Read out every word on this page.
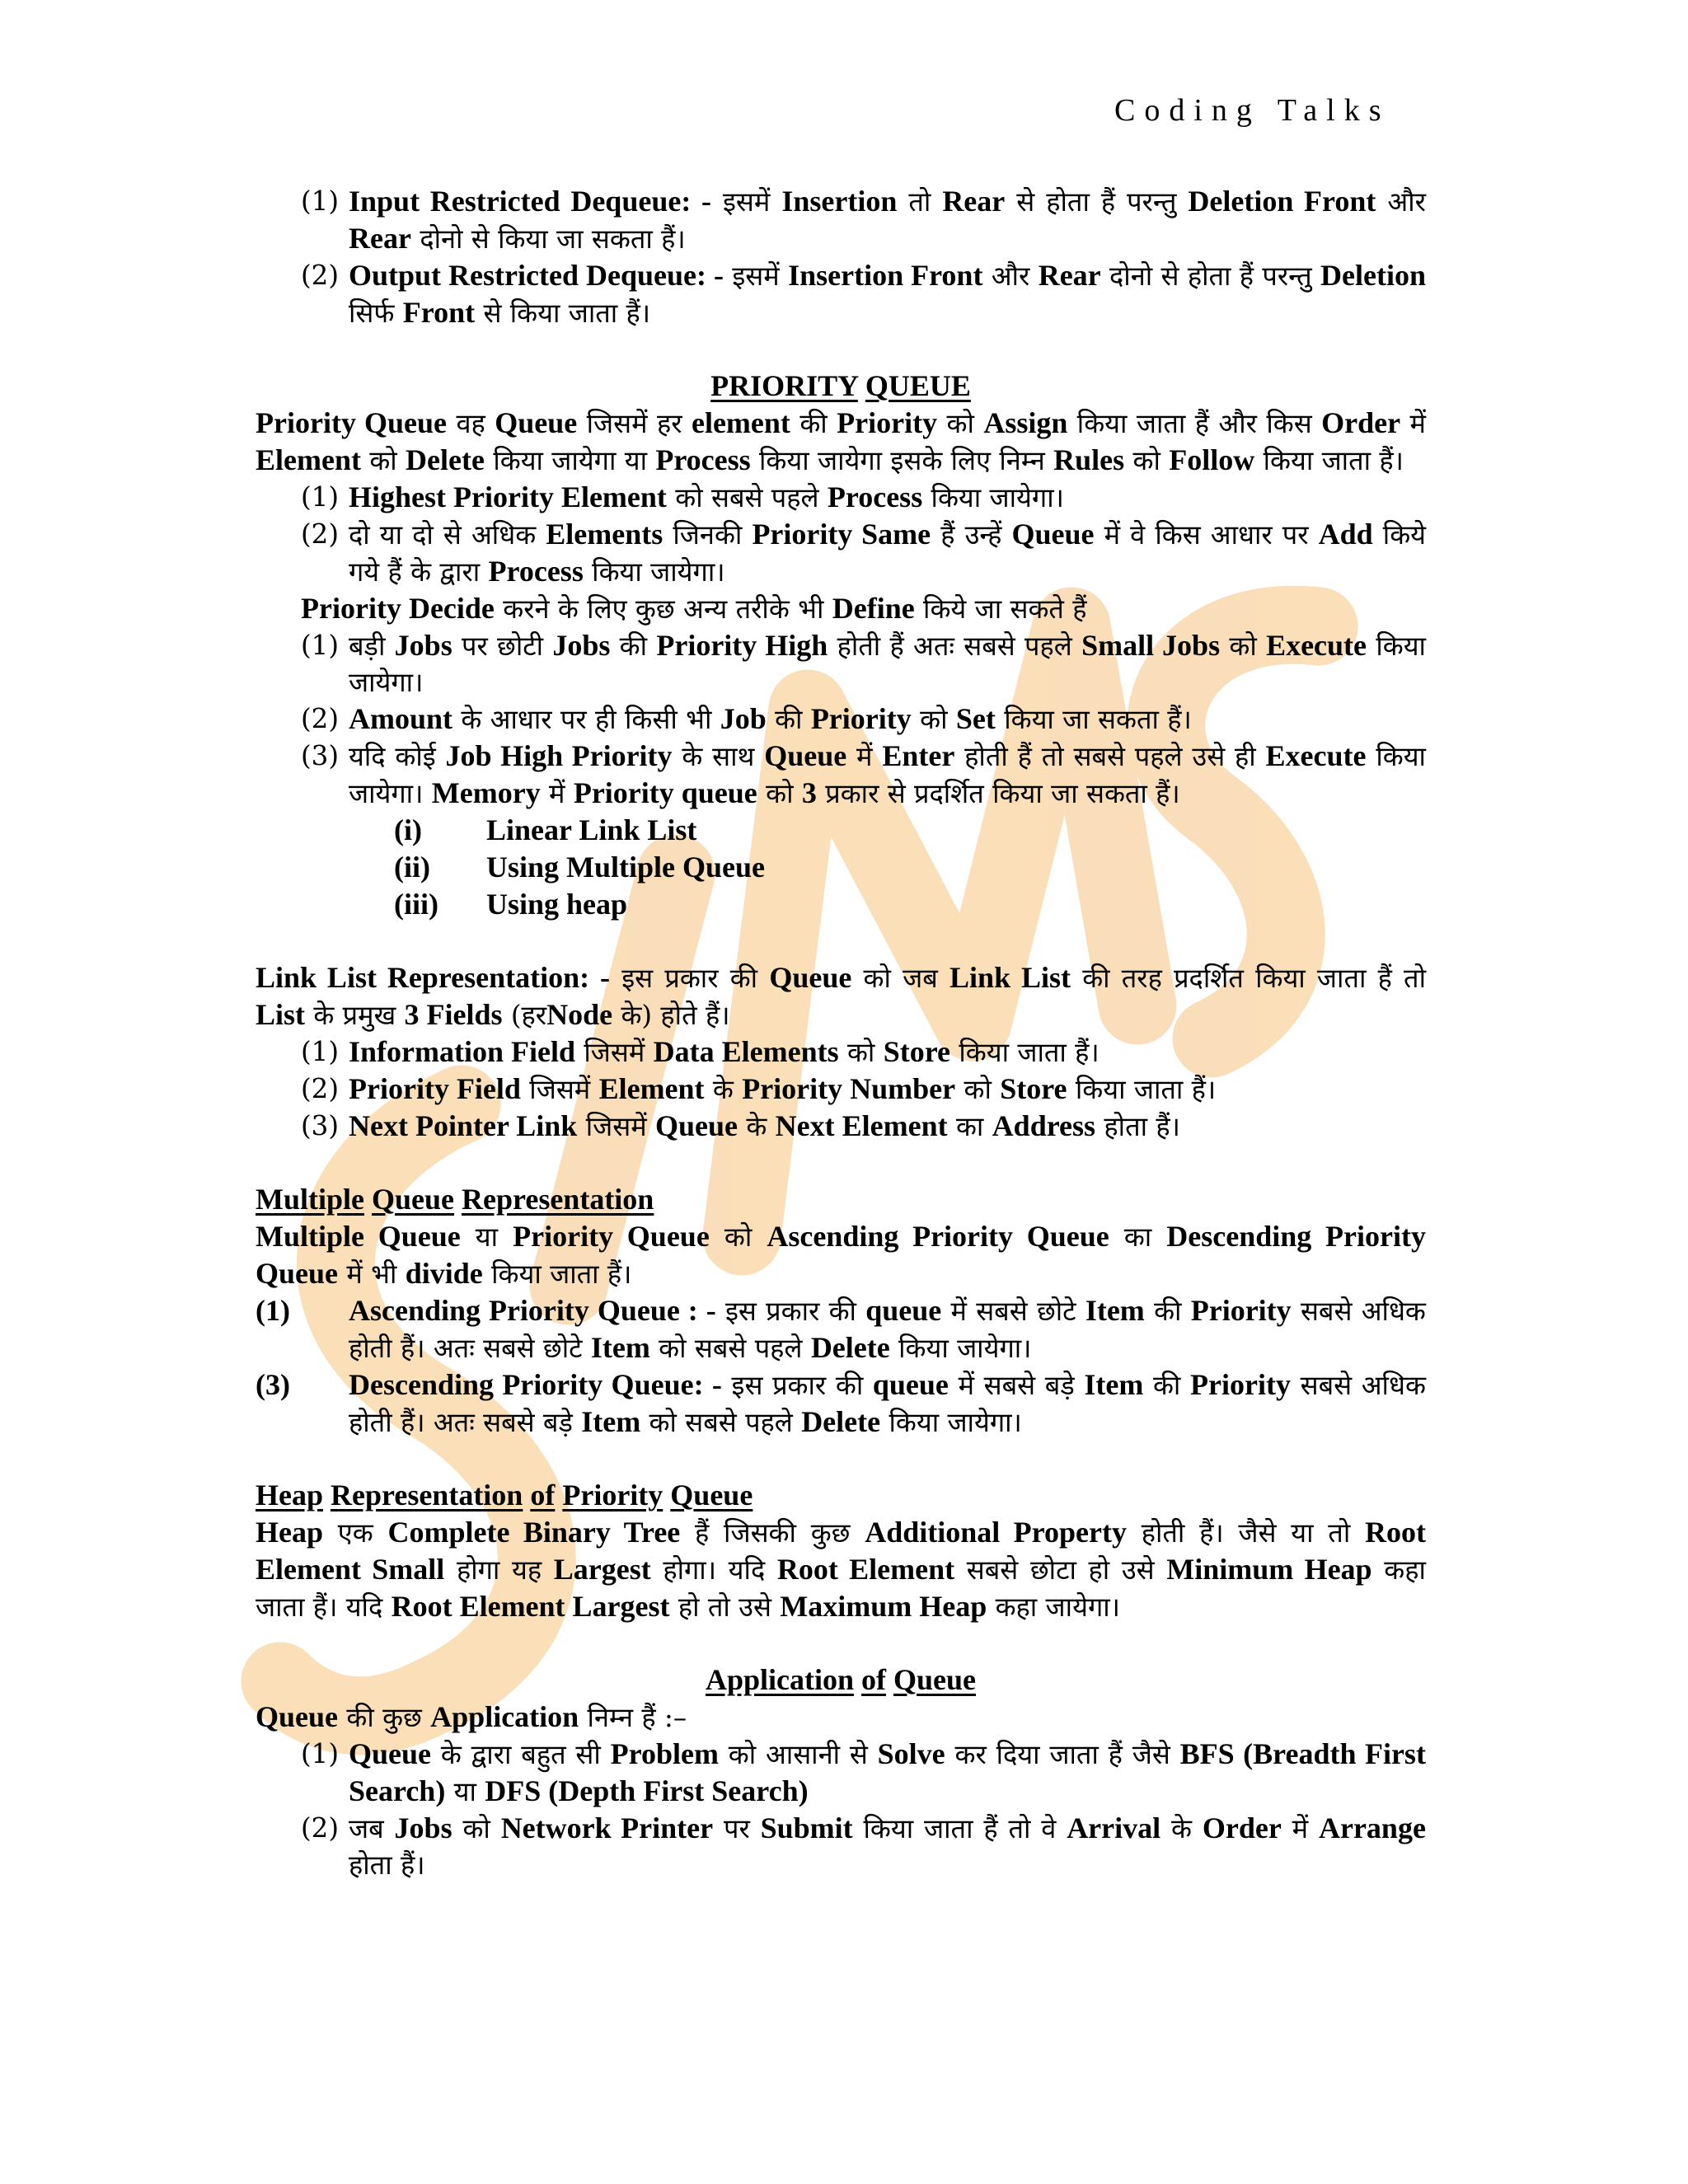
Coding Talks
(1) Input Restricted Dequeue: - इसमें Insertion तो Rear से होता हैं परन्तु Deletion Front और Rear दोनो से किया जा सकता हैं।
(2) Output Restricted Dequeue: - इसमें Insertion Front और Rear दोनो से होता हैं परन्तु Deletion सिर्फ Front से किया जाता हैं।
PRIORITY QUEUE
Priority Queue वह Queue जिसमें हर element की Priority को Assign किया जाता हैं और किस Order में Element को Delete किया जायेगा या Process किया जायेगा इसके लिए निम्न Rules को Follow किया जाता हैं।
(1) Highest Priority Element को सबसे पहले Process किया जायेगा।
(2) दो या दो से अधिक Elements जिनकी Priority Same हैं उन्हें Queue में वे किस आधार पर Add किये गये हैं के द्वारा Process किया जायेगा।
Priority Decide करने के लिए कुछ अन्य तरीके भी Define किये जा सकते हैं
(1) बड़ी Jobs पर छोटी Jobs की Priority High होती हैं अतः सबसे पहले Small Jobs को Execute किया जायेगा।
(2) Amount के आधार पर ही किसी भी Job की Priority को Set किया जा सकता हैं।
(3) यदि कोई Job High Priority के साथ Queue में Enter होती हैं तो सबसे पहले उसे ही Execute किया जायेगा। Memory में Priority queue को 3 प्रकार से प्रदर्शित किया जा सकता हैं।
(i) Linear Link List
(ii) Using Multiple Queue
(iii) Using heap
Link List Representation: - इस प्रकार की Queue को जब Link List की तरह प्रदर्शित किया जाता हैं तो List के प्रमुख 3 Fields (हरNode के) होते हैं।
(1) Information Field जिसमें Data Elements को Store किया जाता हैं।
(2) Priority Field जिसमें Element के Priority Number को Store किया जाता हैं।
(3) Next Pointer Link जिसमें Queue के Next Element का Address होता हैं।
Multiple Queue Representation
Multiple Queue या Priority Queue को Ascending Priority Queue का Descending Priority Queue में भी divide किया जाता हैं।
(1) Ascending Priority Queue : - इस प्रकार की queue में सबसे छोटे Item की Priority सबसे अधिक होती हैं। अतः सबसे छोटे Item को सबसे पहले Delete किया जायेगा।
(3) Descending Priority Queue: - इस प्रकार की queue में सबसे बड़े Item की Priority सबसे अधिक होती हैं। अतः सबसे बड़े Item को सबसे पहले Delete किया जायेगा।
Heap Representation of Priority Queue
Heap एक Complete Binary Tree हैं जिसकी कुछ Additional Property होती हैं। जैसे या तो Root Element Small होगा यह Largest होगा। यदि Root Element सबसे छोटा हो उसे Minimum Heap कहा जाता हैं। यदि Root Element Largest हो तो उसे Maximum Heap कहा जायेगा।
Application of Queue
Queue की कुछ Application निम्न हैं :–
(1) Queue के द्वारा बहुत सी Problem को आसानी से Solve कर दिया जाता हैं जैसे BFS (Breadth First Search) या DFS (Depth First Search)
(2) जब Jobs को Network Printer पर Submit किया जाता हैं तो वे Arrival के Order में Arrange होता हैं।
